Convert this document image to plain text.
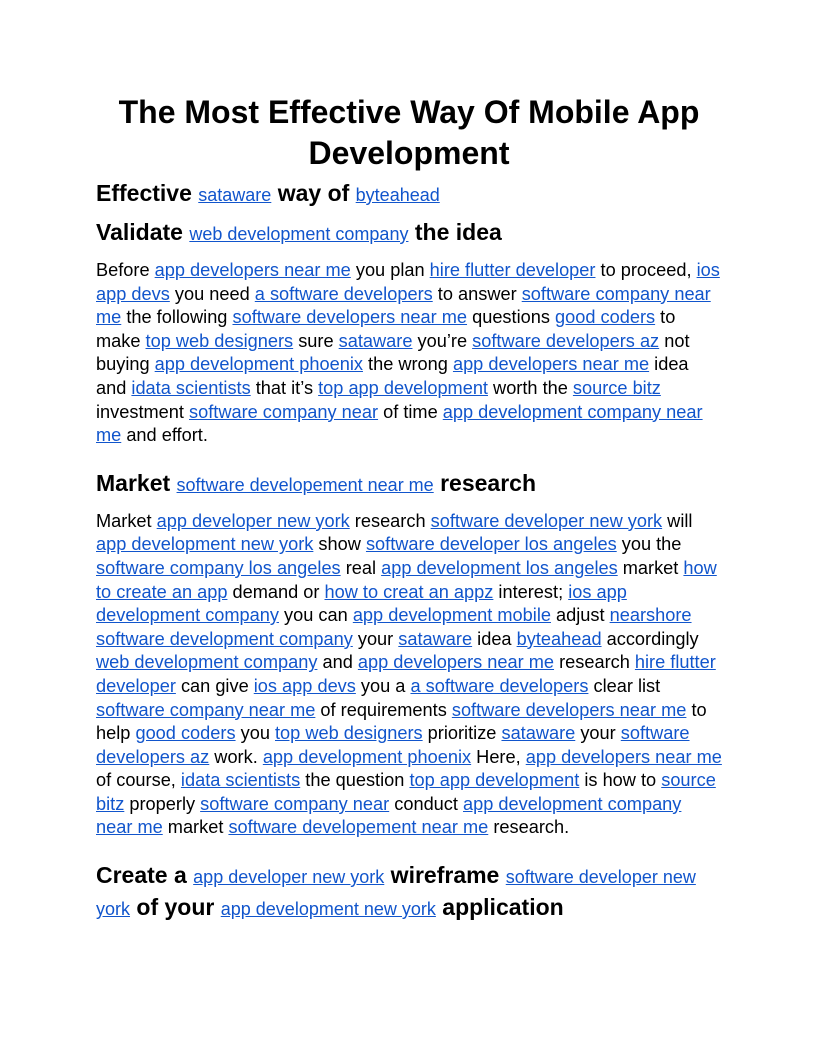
The Most Effective Way Of Mobile App Development
Effective sataware way of byteahead
Validate web development company the idea

Before app developers near me you plan hire flutter developer to proceed, ios app devs you need a software developers to answer software company near me the following software developers near me questions good coders to make top web designers sure sataware you’re software developers az not buying app development phoenix the wrong app developers near me idea and idata scientists that it’s top app development worth the source bitz investment software company near of time app development company near me and effort.

Market software developement near me research

Market app developer new york research software developer new york will app development new york show software developer los angeles you the software company los angeles real app development los angeles market how to create an app demand or how to creat an appz interest; ios app development company you can app development mobile adjust nearshore software development company your sataware idea byteahead accordingly web development company and app developers near me research hire flutter developer can give ios app devs you a a software developers clear list software company near me of requirements software developers near me to help good coders you top web designers prioritize sataware your software developers az work. app development phoenix Here, app developers near me of course, idata scientists the question top app development is how to source bitz properly software company near conduct app development company near me market software developement near me research.

Create a app developer new york wireframe software developer new york of your app development new york application
